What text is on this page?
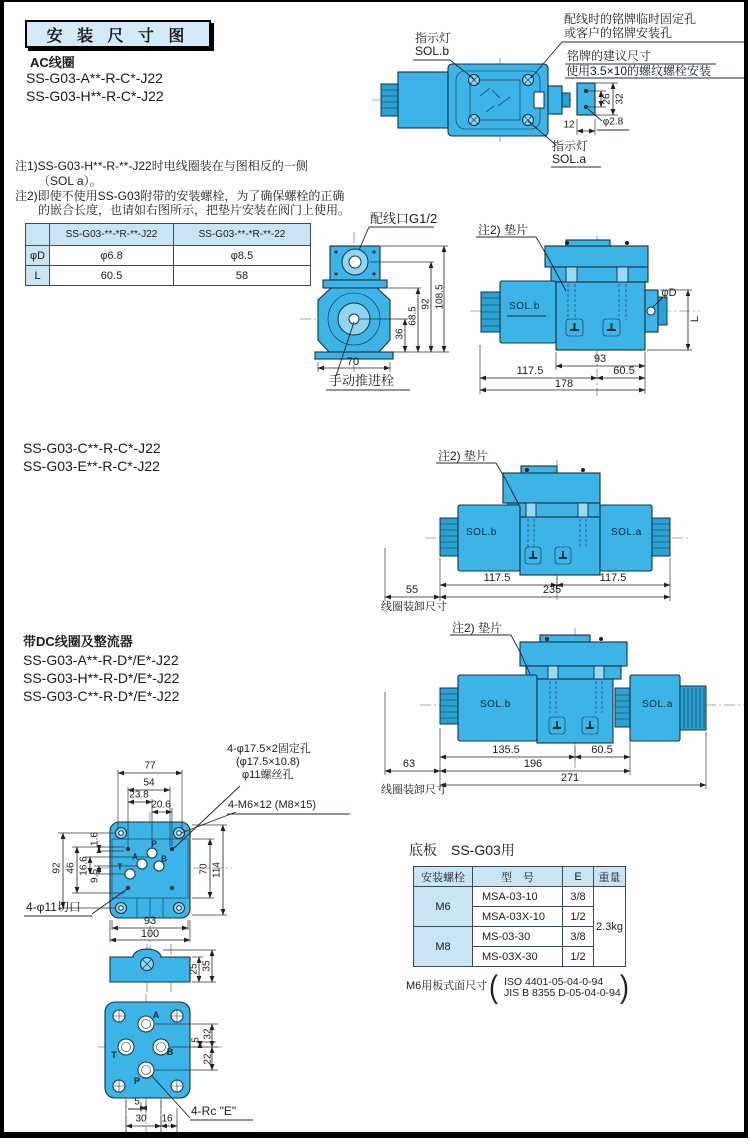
安 装 尺 寸 图
AC线圈
SS-G03-A**-R-C*-J22
SS-G03-H**-R-C*-J22
注1)SS-G03-H**-R-**-J22时电线圈装在与图相反的一侧
（SOL a）。
注2)即使不使用SS-G03附带的安装螺栓，为了确保螺栓的正确
的嵌合长度，也请如右图所示，把垫片安装在阀门上使用。
指示灯
SOL.b
配线时的铭牌临时固定孔
或客户的铭牌安装孔
铭牌的建议尺寸
使用3.5×10的螺纹螺栓安装
指示灯
SOL.a
26 32
12	φ2.8
	SS-G03-**-*R-**-J22	SS-G03-**-*R-**-22
φD	φ6.8	φ8.5
L	60.5	58
配线口G1/2
手动推进栓
70
36
68.5
92 108.5
注2) 垫片
SOL.b
φD
L
93
117.5	60.5
178
SS-G03-C**-R-C*-J22
SS-G03-E**-R-C*-J22
注2) 垫片
SOL.b	SOL.a
117.5	117.5
235
55
线圈装卸尺寸
带DC线圈及整流器
SS-G03-A**-R-D*/E*-J22
SS-G03-H**-R-D*/E*-J22
SS-G03-C**-R-D*/E*-J22
注2) 垫片
SOL.b	SOL.a
135.5	60.5
63	196
271
线圈装卸尺寸
4-φ17.5×2固定孔
(φ17.5×10.8)
φ11螺丝孔
4-M6×12 (M8×15)
4-φ11切口
P
A	B
T
77
54
23.8
20.6
92 46 16.6
9.5
1.6
70 114
93
100
25 35
A
T	B
P
5
32
22
5
30 16
4-Rc "E"
底板　SS-G03用
安装螺栓	型　号	E	重量
M6	MSA-03-10	3/8	2.3kg
	MSA-03X-10	1/2	
M8	MS-03-30	3/8	
	MS-03X-30	1/2	
M6用板式面尺寸 ( ISO 4401-05-04-0-94
JIS B 8355 D-05-04-0-94 )
